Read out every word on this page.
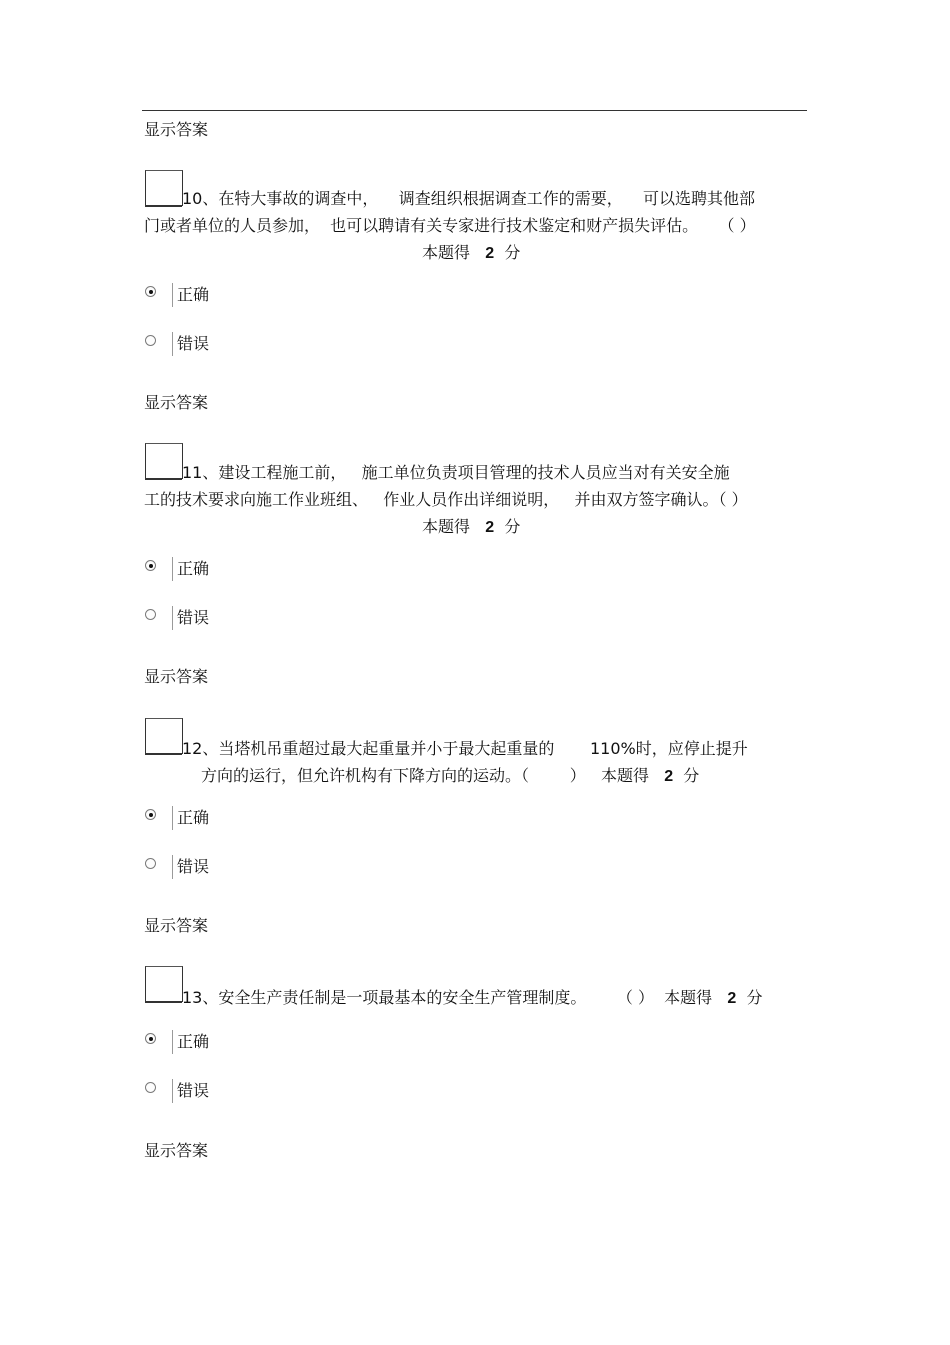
显示答案
10、在特大事故的调查中，    调查组织根据调查工作的需要，    可以选聘其他部
门或者单位的人员参加，  也可以聘请有关专家进行技术鉴定和财产损失评估。    （ ）
本题得 2 分
正确
错误
显示答案
11、建设工程施工前，   施工单位负责项目管理的技术人员应当对有关安全施
工的技术要求向施工作业班组、   作业人员作出详细说明，   并由双方签字确认。（ ）
本题得 2 分
正确
错误
显示答案
12、当塔机吊重超过最大起重量并小于最大起重量的       110%时，应停止提升
方向的运行，但允许机构有下降方向的运动。（        ）   本题得 2 分
正确
错误
显示答案
13、安全生产责任制是一项最基本的安全生产管理制度。      （ ）  本题得 2 分
正确
错误
显示答案
